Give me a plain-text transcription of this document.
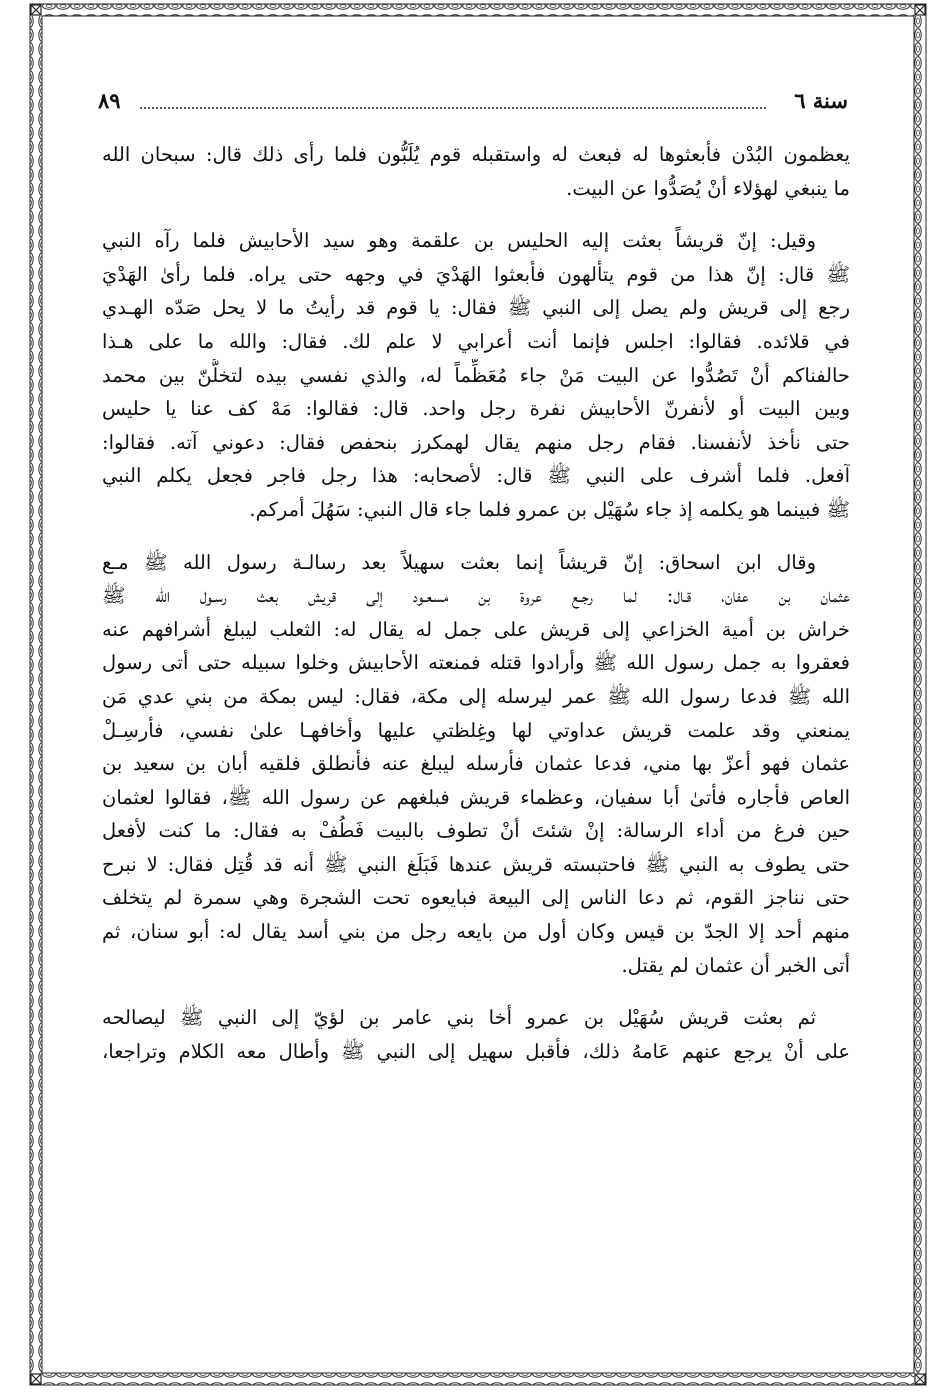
سنة ٦
٨٩

يعظمون البُدْن فأبعثوها له فبعث له واستقبله قوم يُلَبُّون فلما رأى ذلك قال: سبحان الله
ما ينبغي لهؤلاء أنْ يُصَدُّوا عن البيت.

وقيل: إنّ قريشاً بعثت إليه الحليس بن علقمة وهو سيد الأحابيش فلما رآه النبي
ﷺ قال: إنّ هذا من قوم يتألهون فأبعثوا الهَدْيَ في وجهه حتى يراه. فلما رأىٰ الهَدْيَ
رجع إلى قريش ولم يصل إلى النبي ﷺ فقال: يا قوم قد رأيتُ ما لا يحل صَدّه الهـدي
في قلائده. فقالوا: اجلس فإنما أنت أعرابي لا علم لك. فقال: والله ما على هـذا
حالفناكم أنْ تَصُدُّوا عن البيت مَنْ جاء مُعَظِّماً له، والذي نفسي بيده لتخلُّنّ بين محمد
وبين البيت أو لأنفرنّ الأحابيش نفرة رجل واحد. قال: فقالوا: مَهْ كف عنا يا حليس
حتى نأخذ لأنفسنا. فقام رجل منهم يقال لهمكرز بنحفص فقال: دعوني آته. فقالوا:
آفعل. فلما أشرف على النبي ﷺ قال: لأصحابه: هذا رجل فاجر فجعل يكلم النبي
ﷺ فبينما هو يكلمه إذ جاء سُهَيْل بن عمرو فلما جاء قال النبي: سَهُلَ أمركم.

وقال ابن اسحاق: إنّ قريشاً إنما بعثت سهيلاً بعد رسالـة رسول الله ﷺ مـع
عثمان بن عفان، قـال: لما رجـع عروة بن مسعـود إلى قريش بعث رسـول الله ﷺ
خراش بن أمية الخزاعي إلى قريش على جمل له يقال له: الثعلب ليبلغ أشرافهم عنه
فعقروا به جمل رسول الله ﷺ وأرادوا قتله فمنعته الأحابيش وخلوا سبيله حتى أتى رسول
الله ﷺ فدعا رسول الله ﷺ عمر ليرسله إلى مكة، فقال: ليس بمكة من بني عدي مَن
يمنعني وقد علمت قريش عداوتي لها وغِلظتي عليها وأخافهـا علىٰ نفسي، فأرسِـلْ
عثمان فهو أعزّ بها مني، فدعا عثمان فأرسله ليبلغ عنه فأنطلق فلقيه أبان بن سعيد بن
العاص فأجاره فأتىٰ أبا سفيان، وعظماء قريش فبلغهم عن رسول الله ﷺ، فقالوا لعثمان
حين فرغ من أداء الرسالة: إنْ شئتَ أنْ تطوف بالبيت فَطُفْ به فقال: ما كنت لأفعل
حتى يطوف به النبي ﷺ فاحتبسته قريش عندها فَبَلَغ النبي ﷺ أنه قد قُتِل فقال: لا نبرح
حتى نناجز القوم، ثم دعا الناس إلى البيعة فبايعوه تحت الشجرة وهي سمرة لم يتخلف
منهم أحد إلا الجدّ بن قيس وكان أول من بايعه رجل من بني أسد يقال له: أبو سنان، ثم
أتى الخبر أن عثمان لم يقتل.

ثم بعثت قريش سُهَيْل بن عمرو أخا بني عامر بن لؤيّ إلى النبي ﷺ ليصالحه
على أنْ يرجع عنهم عَامهُ ذلك، فأقبل سهيل إلى النبي ﷺ وأطال معه الكلام وتراجعا،
